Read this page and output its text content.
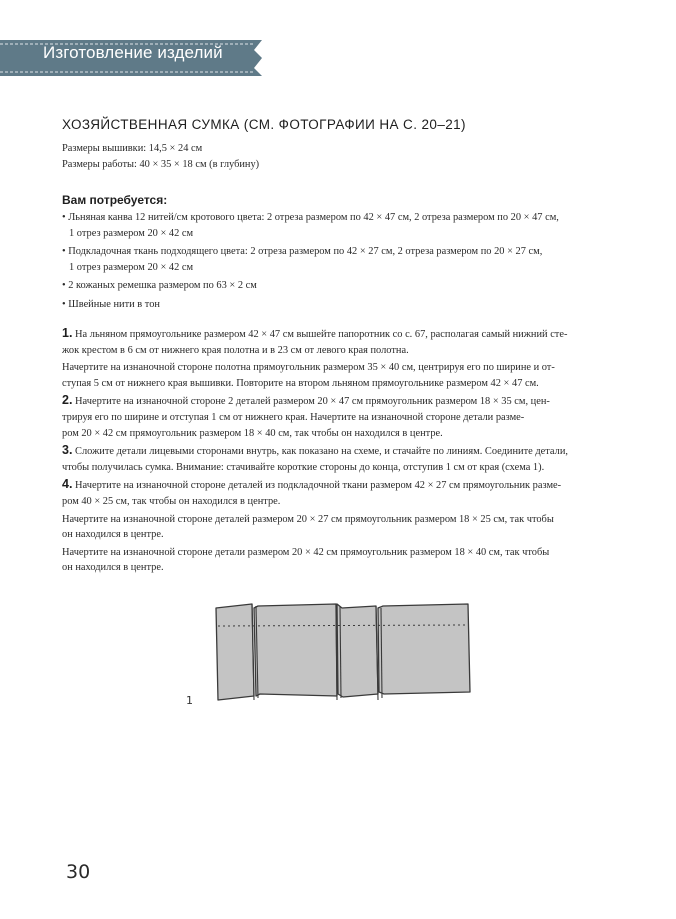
Изготовление изделий
ХОЗЯЙСТВЕННАЯ СУМКА (СМ. ФОТОГРАФИИ НА С. 20–21)
Размеры вышивки: 14,5 × 24 см
Размеры работы: 40 × 35 × 18 см (в глубину)
Вам потребуется:
• Льняная канва 12 нитей/см кротового цвета: 2 отреза размером по 42 × 47 см, 2 отреза размером по 20 × 47 см,
1 отрез размером 20 × 42 см
• Подкладочная ткань подходящего цвета: 2 отреза размером по 42 × 27 см, 2 отреза размером по 20 × 27 см,
1 отрез размером 20 × 42 см
• 2 кожаных ремешка размером по 63 × 2 см
• Швейные нити в тон

1. На льняном прямоугольнике размером 42 × 47 см вышейте папоротник со с. 67, располагая самый нижний сте-
жок крестом в 6 см от нижнего края полотна и в 23 см от левого края полотна.

Начертите на изнаночной стороне полотна прямоугольник размером 35 × 40 см, центрируя его по ширине и от-
ступая 5 см от нижнего края вышивки. Повторите на втором льняном прямоугольнике размером 42 × 47 см.

2. Начертите на изнаночной стороне 2 деталей размером 20 × 47 см прямоугольник размером 18 × 35 см, цен-
трируя его по ширине и отступая 1 см от нижнего края. Начертите на изнаночной стороне детали разме-
ром 20 × 42 см прямоугольник размером 18 × 40 см, так чтобы он находился в центре.

3. Сложите детали лицевыми сторонами внутрь, как показано на схеме, и стачайте по линиям. Соедините детали,
чтобы получилась сумка. Внимание: стачивайте короткие стороны до конца, отступив 1 см от края (схема 1).

4. Начертите на изнаночной стороне деталей из подкладочной ткани размером 42 × 27 см прямоугольник разме-
ром 40 × 25 см, так чтобы он находился в центре.

Начертите на изнаночной стороне деталей размером 20 × 27 см прямоугольник размером 18 × 25 см, так чтобы
он находился в центре.

Начертите на изнаночной стороне детали размером 20 × 42 см прямоугольник размером 18 × 40 см, так чтобы
он находился в центре.

1
30
